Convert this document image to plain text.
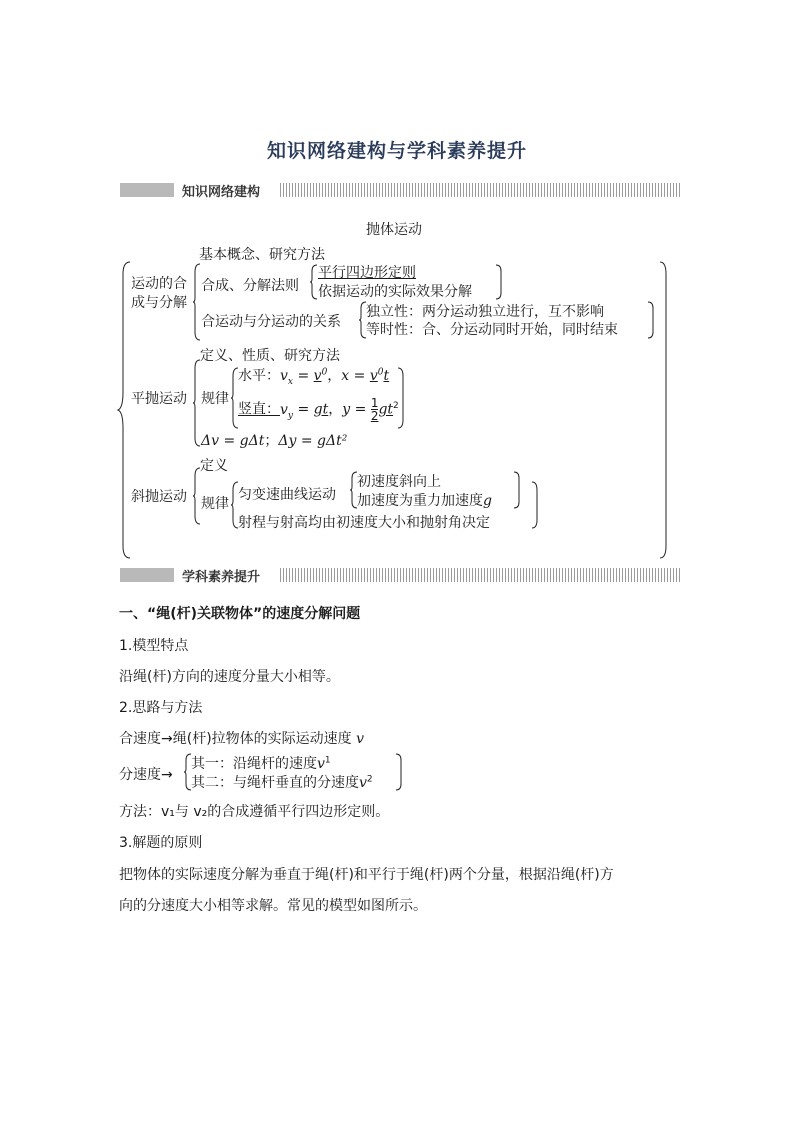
知识网络建构与学科素养提升
知识网络建构
抛体运动
运动的合
成与分解
基本概念、研究方法
合成、分解法则
平行四边形定则
依据运动的实际效果分解
合运动与分运动的关系
独立性：两分运动独立进行，互不影响
等时性：合、分运动同时开始，同时结束
平抛运动
定义、性质、研究方法
规律
水平：$v_x = v^0$，$x = v^0t$
竖直：$v_y$ = gt，$y = \frac{1}{2} gt^2$
Δv = gΔt；Δy = gΔt²
斜抛运动
定义
规律
匀变速曲线运动
初速度斜向上
加速度为重力加速度g
射程与射高均由初速度大小和抛射角决定
学科素养提升
一、“绳(杆)关联物体”的速度分解问题
1.模型特点
沿绳(杆)方向的速度分量大小相等。
2.思路与方法
合速度→绳(杆)拉物体的实际运动速度 v
分速度→
其一：沿绳杆的速度$v^1$
其二：与绳杆垂直的分速度$v^2$
方法：v₁与 v₂的合成遵循平行四边形定则。
3.解题的原则
把物体的实际速度分解为垂直于绳(杆)和平行于绳(杆)两个分量，根据沿绳(杆)方
向的分速度大小相等求解。常见的模型如图所示。
